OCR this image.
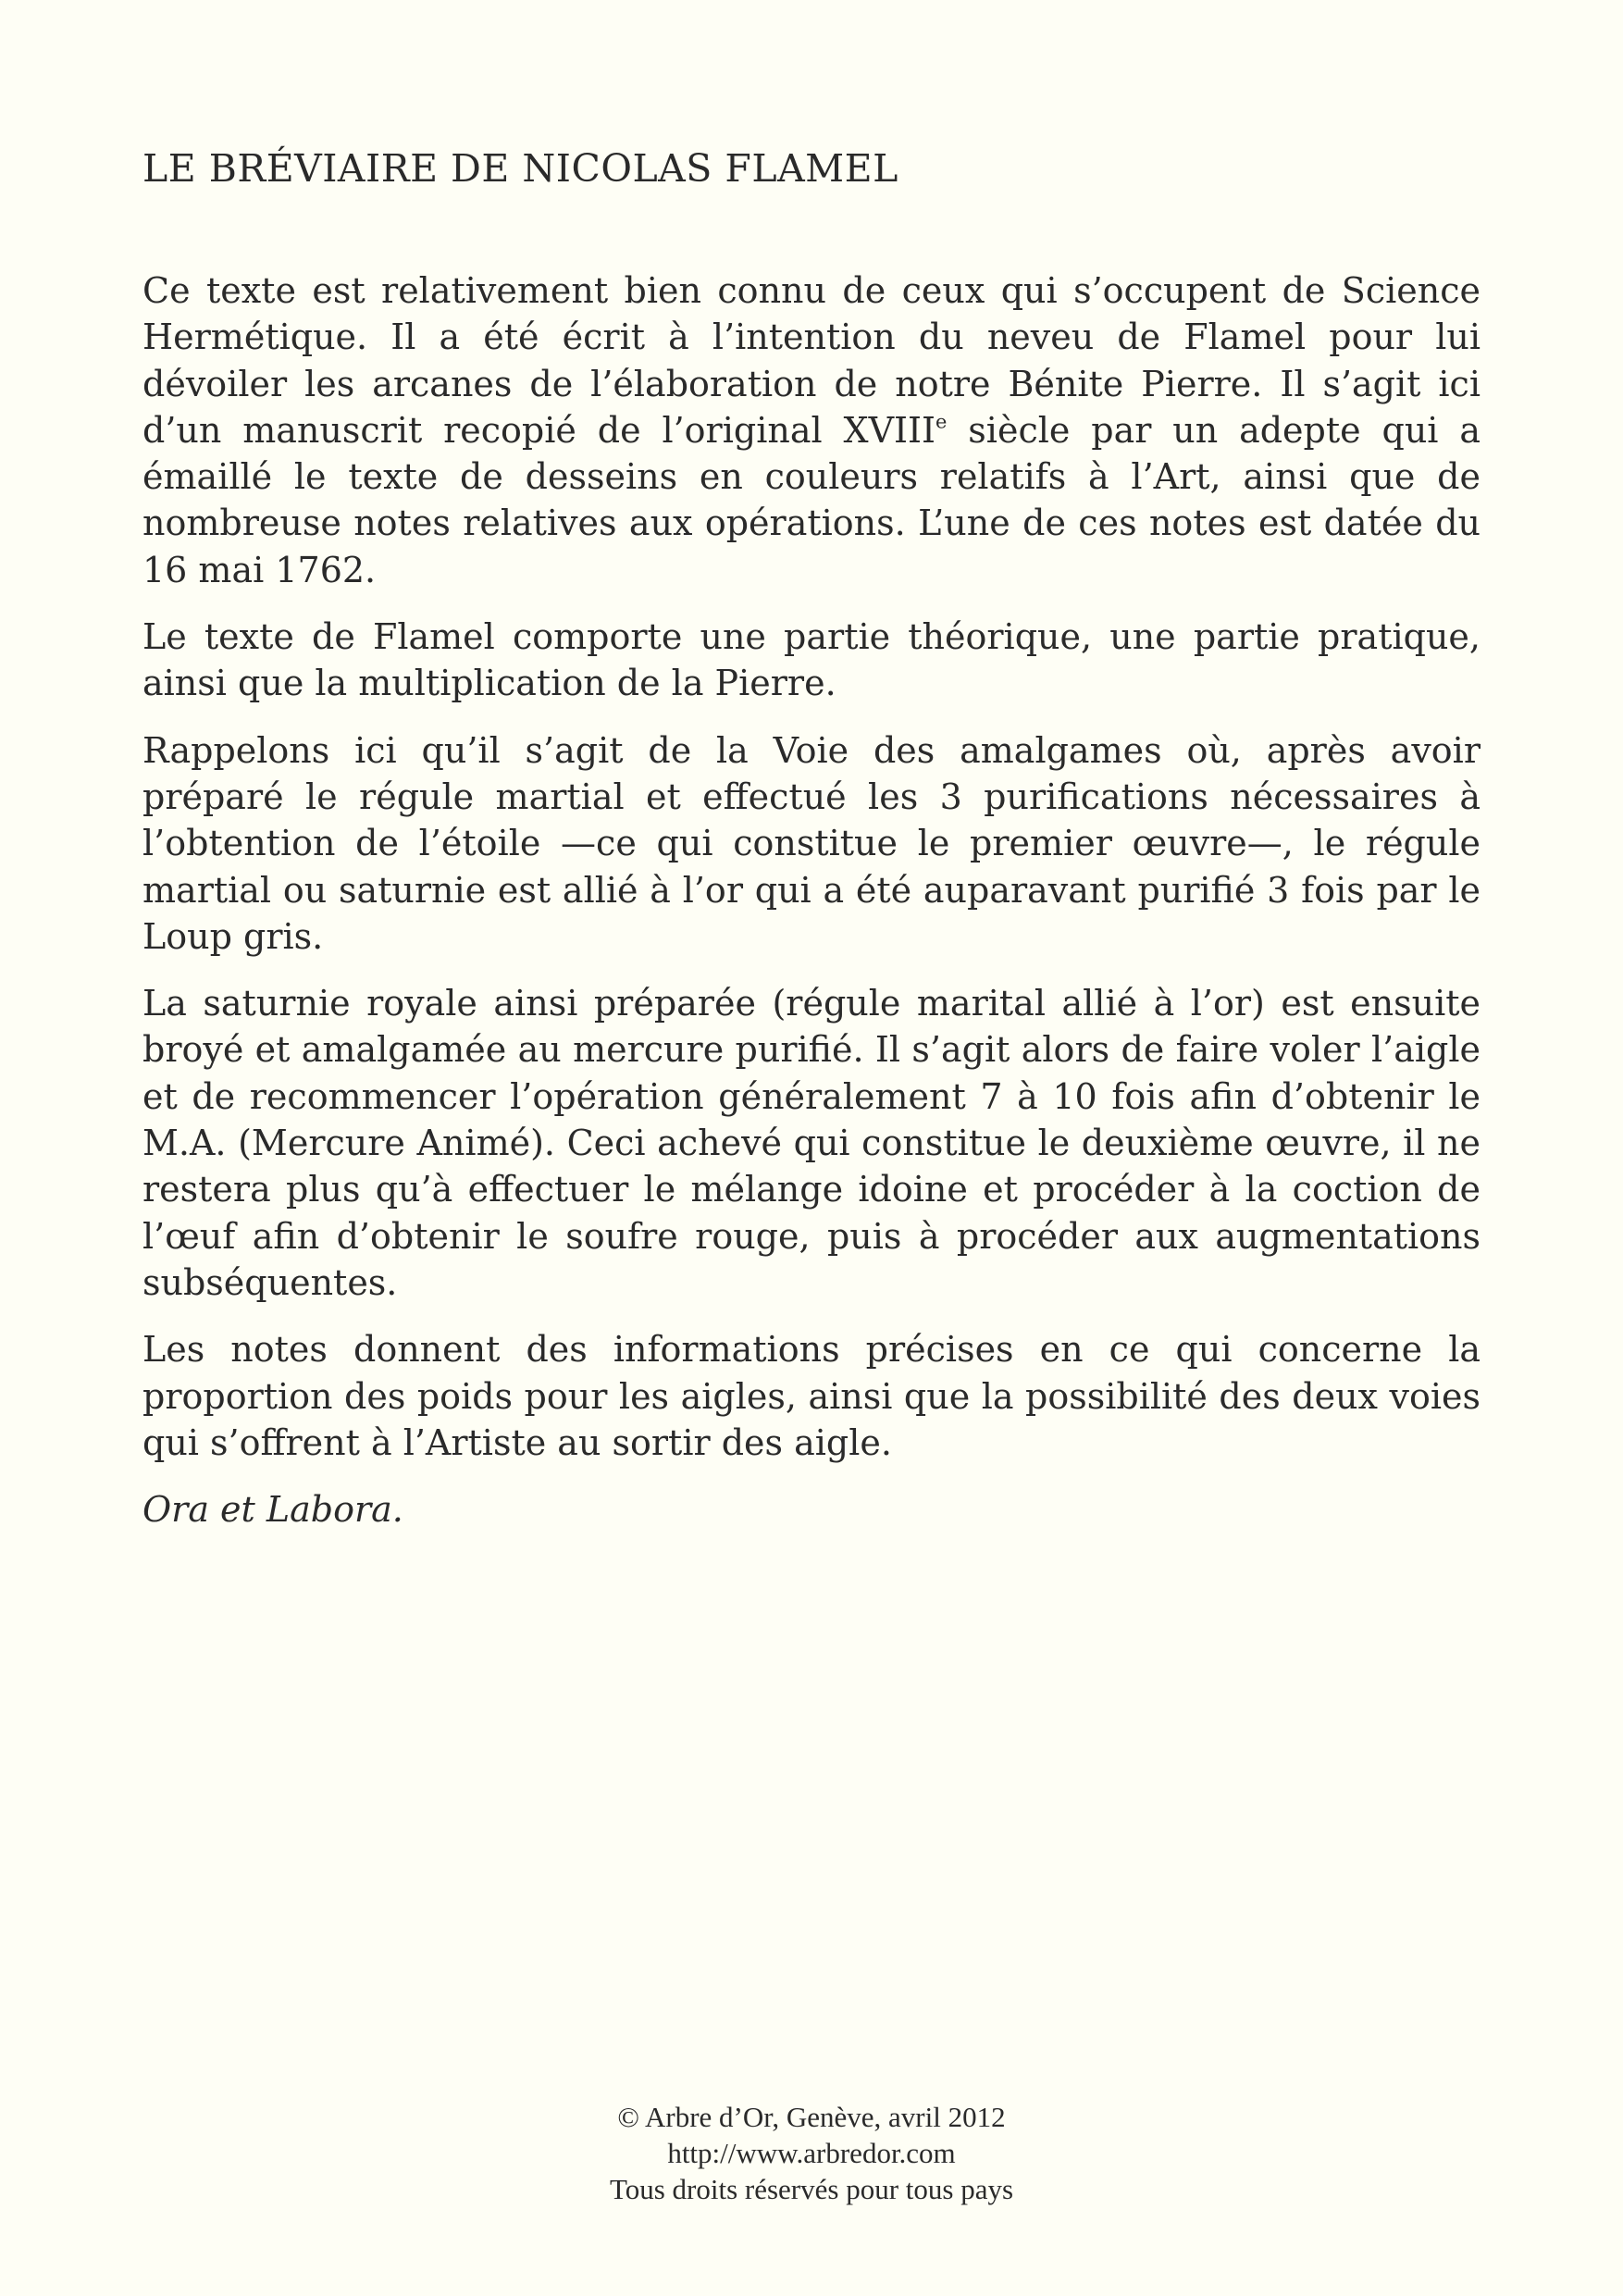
LE BRÉVIAIRE DE NICOLAS FLAMEL

Ce texte est relativement bien connu de ceux qui s’occupent de Science Hermétique. Il a été écrit à l’intention du neveu de Flamel pour lui dévoiler les arcanes de l’élaboration de notre Bénite Pierre. Il s’agit ici d’un manuscrit recopié de l’original XVIIIe siècle par un adepte qui a émaillé le texte de desseins en couleurs relatifs à l’Art, ainsi que de nombreuse notes relatives aux opérations. L’une de ces notes est datée du 16 mai 1762.

Le texte de Flamel comporte une partie théorique, une partie pratique, ainsi que la multiplication de la Pierre.

Rappelons ici qu’il s’agit de la Voie des amalgames où, après avoir préparé le régule martial et effectué les 3 purifications nécessaires à l’obtention de l’étoile —ce qui constitue le premier œuvre—, le régule martial ou saturnie est allié à l’or qui a été auparavant purifié 3 fois par le Loup gris.

La saturnie royale ainsi préparée (régule marital allié à l’or) est ensuite broyé et amalgamée au mercure purifié. Il s’agit alors de faire voler l’aigle et de recommencer l’opération généralement 7 à 10 fois afin d’obtenir le M.A. (Mercure Animé). Ceci achevé qui constitue le deuxième œuvre, il ne restera plus qu’à effectuer le mélange idoine et procéder à la coction de l’œuf afin d’obtenir le soufre rouge, puis à procéder aux augmentations subséquentes.

Les notes donnent des informations précises en ce qui concerne la proportion des poids pour les aigles, ainsi que la possibilité des deux voies qui s’offrent à l’Artiste au sortir des aigle.

Ora et Labora.

© Arbre d’Or, Genève, avril 2012
http://www.arbredor.com
Tous droits réservés pour tous pays
